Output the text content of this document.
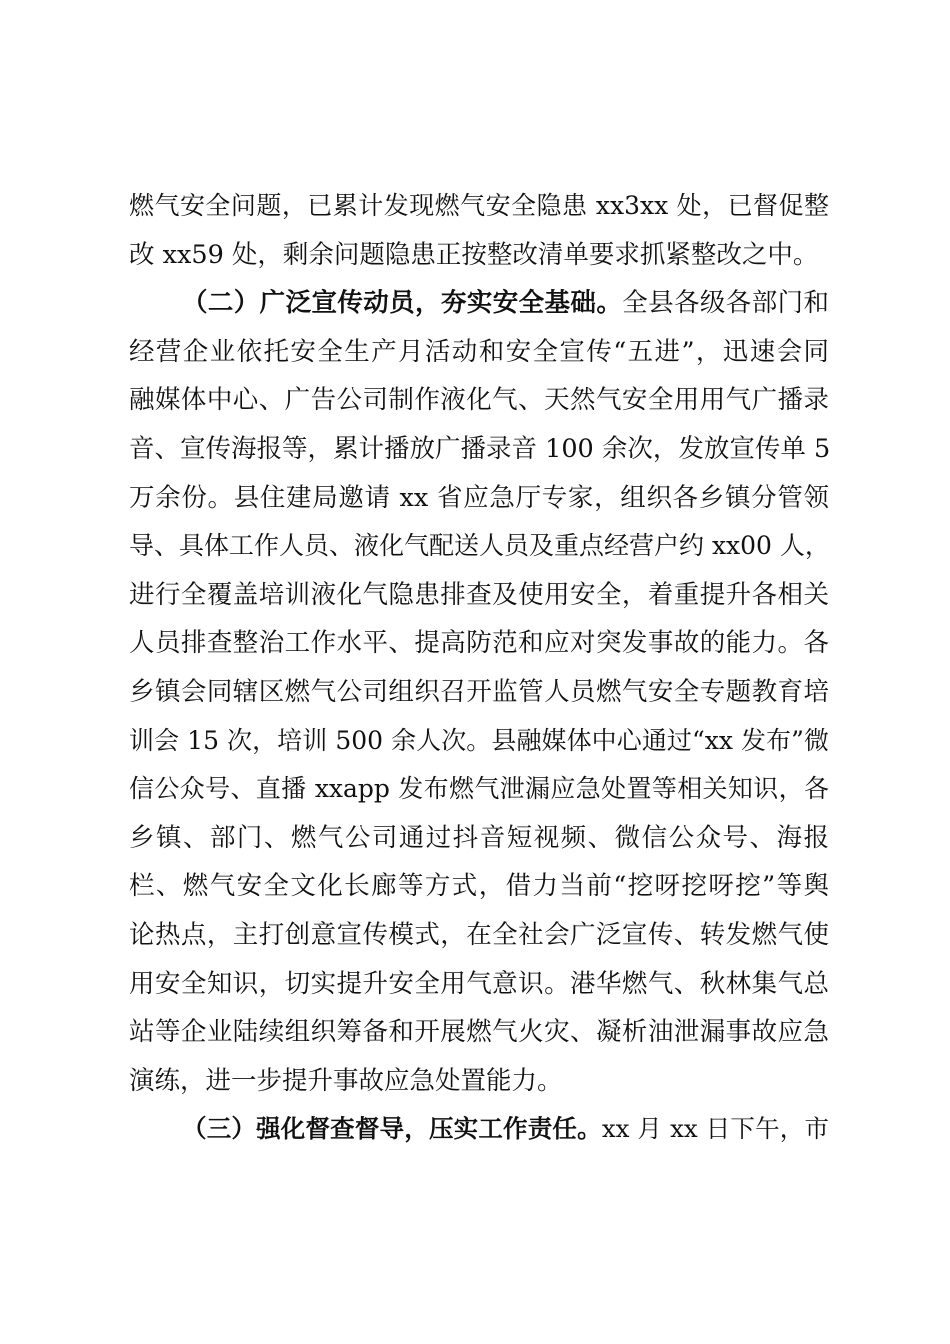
燃气安全问题，已累计发现燃气安全隐患 xx3xx 处，已督促整
改 xx59 处，剩余问题隐患正按整改清单要求抓紧整改之中。
（二）广泛宣传动员，夯实安全基础。全县各级各部门和
经营企业依托安全生产月活动和安全宣传“五进”，迅速会同
融媒体中心、广告公司制作液化气、天然气安全用用气广播录
音、宣传海报等，累计播放广播录音 100 余次，发放宣传单 5
万余份。县住建局邀请 xx 省应急厅专家，组织各乡镇分管领
导、具体工作人员、液化气配送人员及重点经营户约 xx00 人，
进行全覆盖培训液化气隐患排查及使用安全，着重提升各相关
人员排查整治工作水平、提高防范和应对突发事故的能力。各
乡镇会同辖区燃气公司组织召开监管人员燃气安全专题教育培
训会 15 次，培训 500 余人次。县融媒体中心通过“xx 发布”微
信公众号、直播 xxapp 发布燃气泄漏应急处置等相关知识，各
乡镇、部门、燃气公司通过抖音短视频、微信公众号、海报
栏、燃气安全文化长廊等方式，借力当前“挖呀挖呀挖”等舆
论热点，主打创意宣传模式，在全社会广泛宣传、转发燃气使
用安全知识，切实提升安全用气意识。港华燃气、秋林集气总
站等企业陆续组织筹备和开展燃气火灾、凝析油泄漏事故应急
演练，进一步提升事故应急处置能力。
（三）强化督查督导，压实工作责任。xx 月 xx 日下午，市
